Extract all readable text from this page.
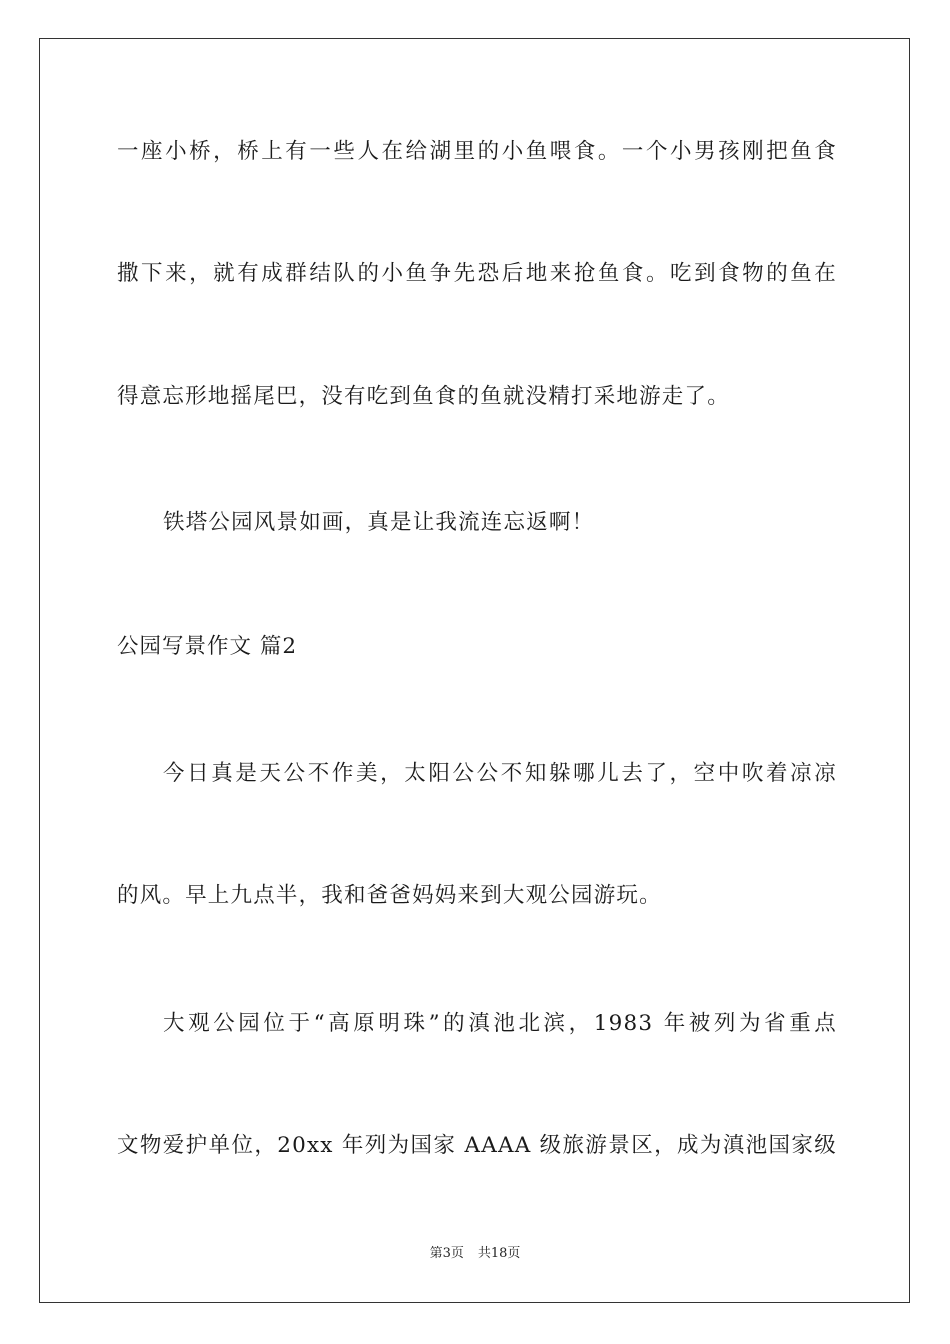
一座小桥，桥上有一些人在给湖里的小鱼喂食。一个小男孩刚把鱼食
撒下来，就有成群结队的小鱼争先恐后地来抢鱼食。吃到食物的鱼在
得意忘形地摇尾巴，没有吃到鱼食的鱼就没精打采地游走了。
铁塔公园风景如画，真是让我流连忘返啊！
公园写景作文 篇2
今日真是天公不作美，太阳公公不知躲哪儿去了，空中吹着凉凉
的风。早上九点半，我和爸爸妈妈来到大观公园游玩。
大观公园位于“高原明珠”的滇池北滨，1983 年被列为省重点
文物爱护单位，20xx 年列为国家 AAAA 级旅游景区，成为滇池国家级
第3页 共18页
